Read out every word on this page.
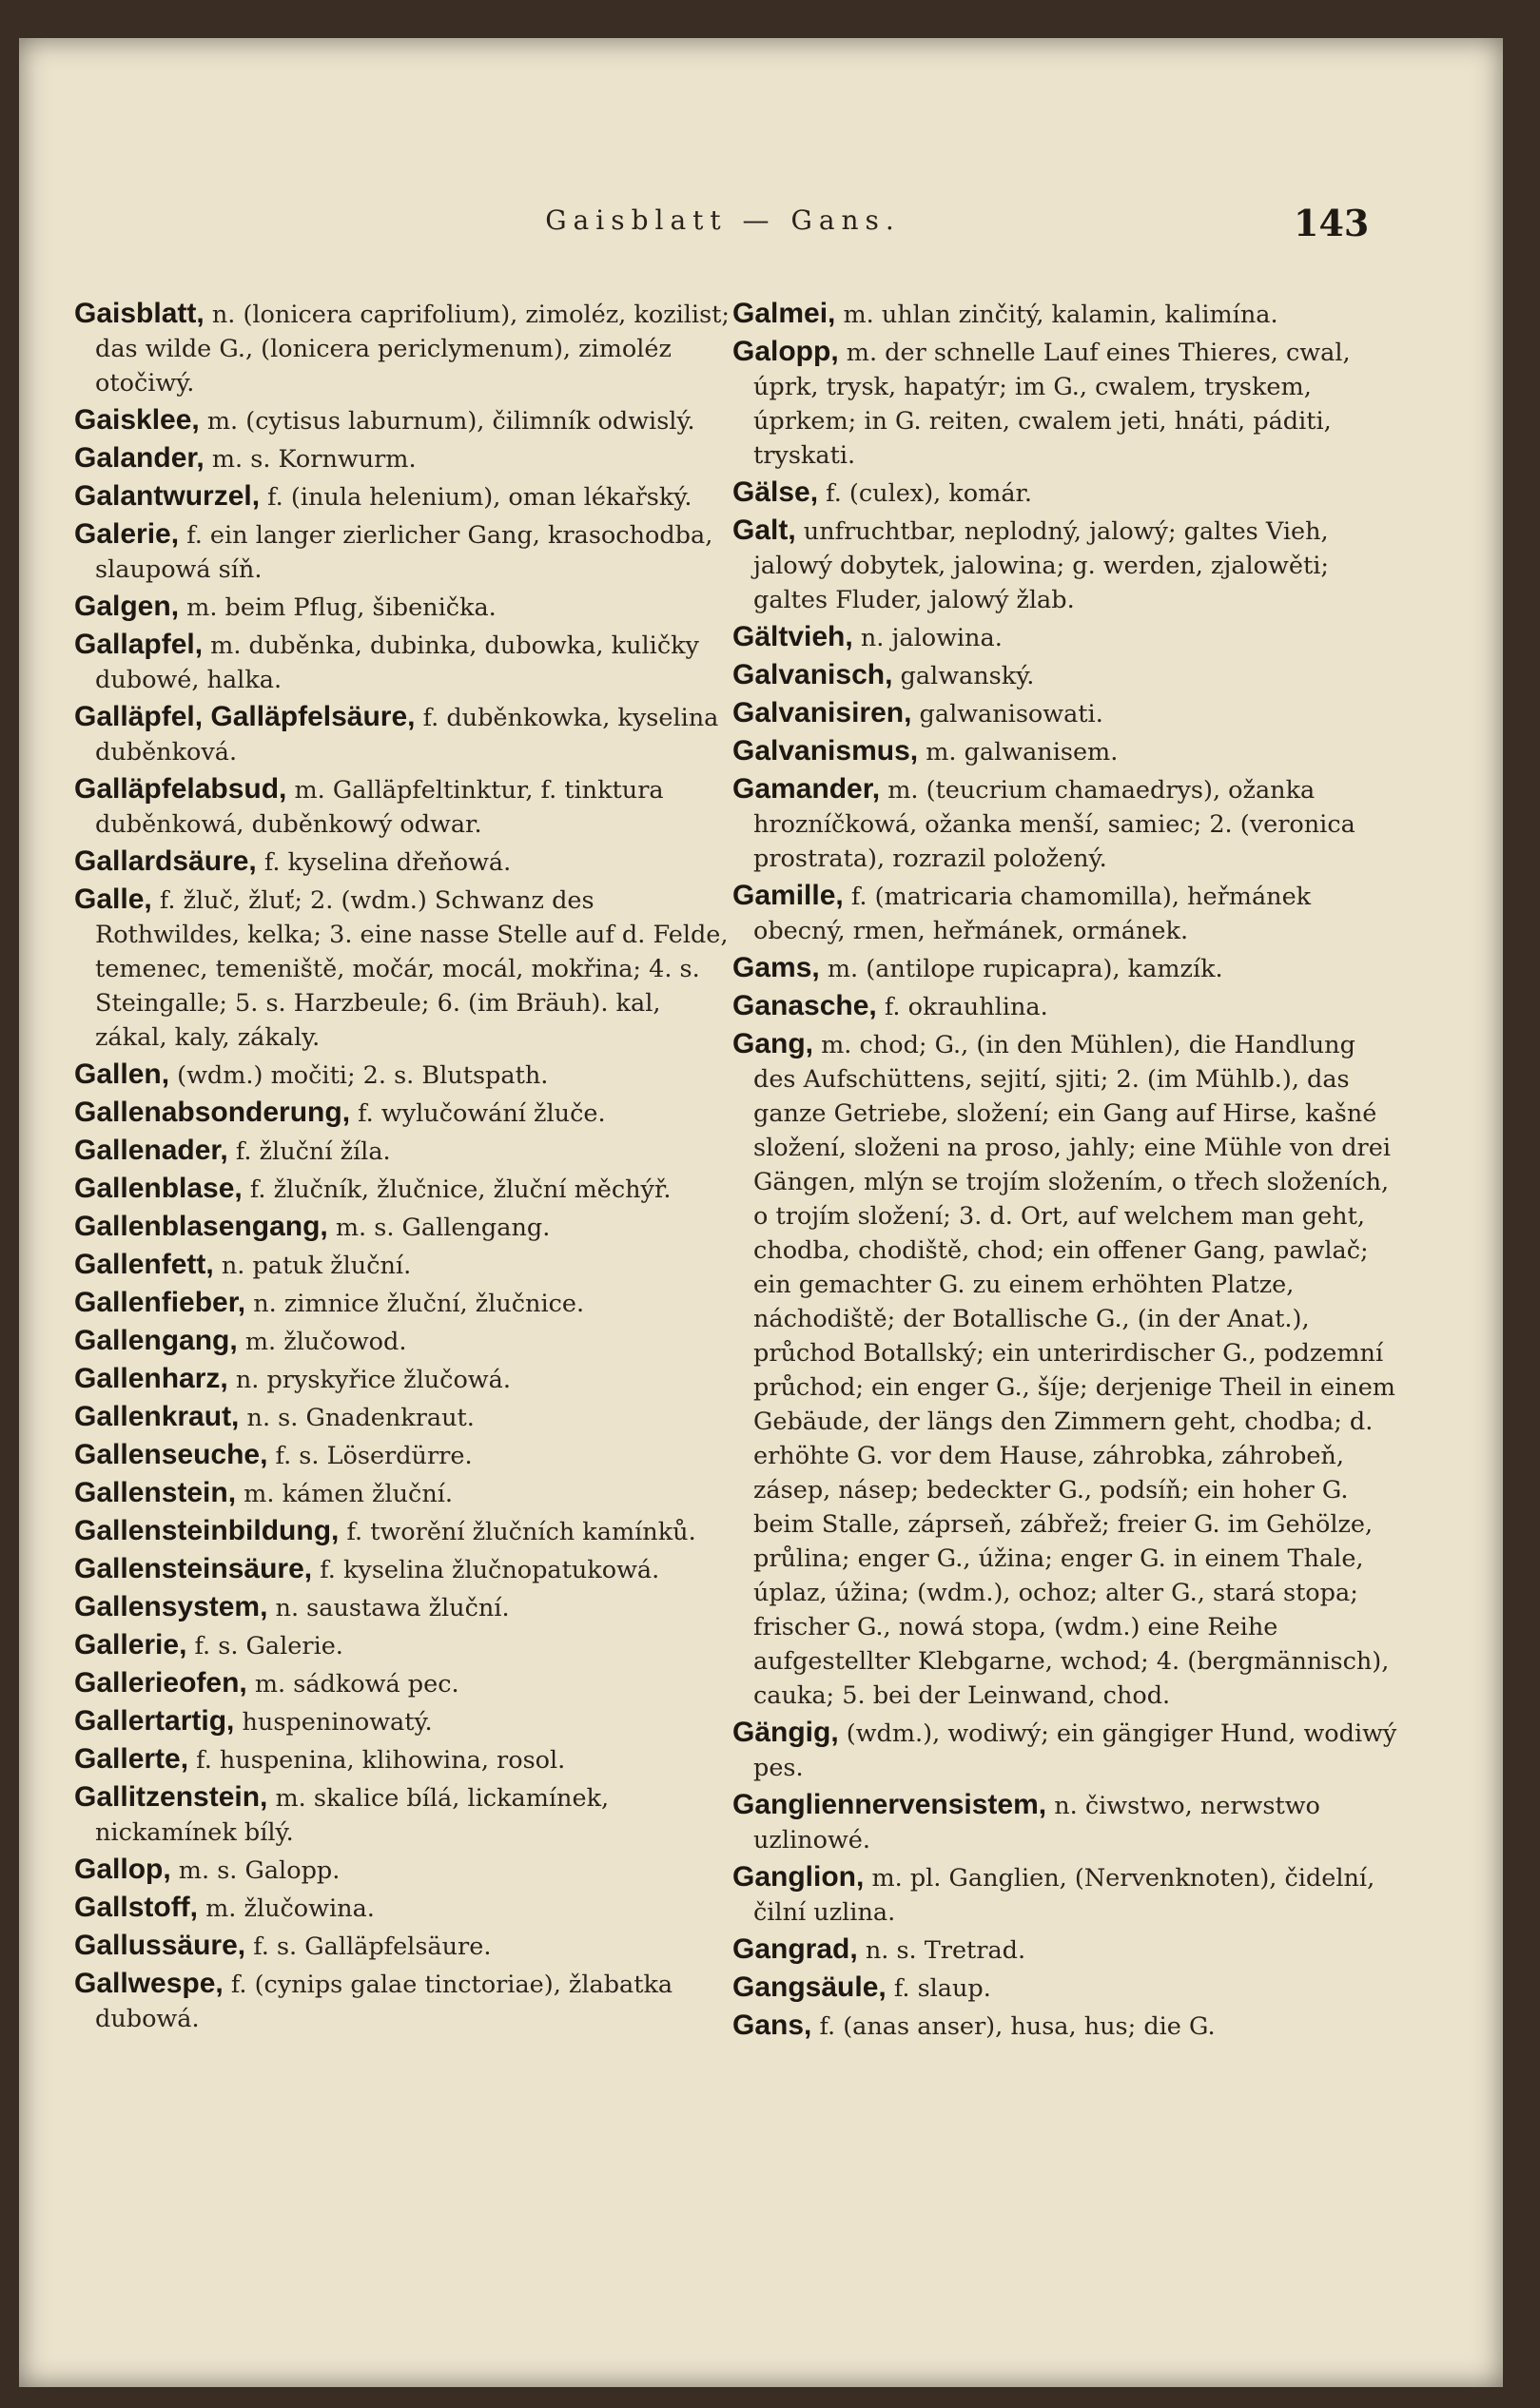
Gaisblatt — Gans.	143

Gaisblatt, n. (lonicera caprifolium), zimoléz, kozilist; das wilde G., (lonicera periclymenum), zimoléz otočiwý.

Gaisklee, m. (cytisus laburnum), čilimník odwislý.

Galander, m. s. Kornwurm.

Galantwurzel, f. (inula helenium), oman lékařský.

Galerie, f. ein langer zierlicher Gang, krasochodba, slaupowá síň.

Galgen, m. beim Pflug, šibenička.

Gallapfel, m. duběnka, dubinka, dubowka, kuličky dubowé, halka.

Galläpfel, Galläpfelsäure, f. duběnkowka, kyselina duběnková.

Galläpfelabsud, m. Galläpfeltinktur, f. tinktura duběnkowá, duběnkowý odwar.

Gallardsäure, f. kyselina dřeňowá.

Galle, f. žluč, žluť; 2. (wdm.) Schwanz des Rothwildes, kelka; 3. eine nasse Stelle auf d. Felde, temenec, temeniště, močár, mocál, mokřina; 4. s. Steingalle; 5. s. Harzbeule; 6. (im Bräuh). kal, zákal, kaly, zákaly.

Gallen, (wdm.) močiti; 2. s. Blutspath.

Gallenabsonderung, f. wylučowání žluče.

Gallenader, f. žluční žíla.

Gallenblase, f. žlučník, žlučnice, žluční měchýř.

Gallenblasengang, m. s. Gallengang.

Gallenfett, n. patuk žluční.

Gallenfieber, n. zimnice žluční, žlučnice.

Gallengang, m. žlučowod.

Gallenharz, n. pryskyřice žlučowá.

Gallenkraut, n. s. Gnadenkraut.

Gallenseuche, f. s. Löserdürre.

Gallenstein, m. kámen žluční.

Gallensteinbildung, f. tworění žlučních kamínků.

Gallensteinsäure, f. kyselina žlučnopatukowá.

Gallensystem, n. saustawa žluční.

Gallerie, f. s. Galerie.

Gallerieofen, m. sádkowá pec.

Gallertartig, huspeninowatý.

Gallerte, f. huspenina, klihowina, rosol.

Gallitzenstein, m. skalice bílá, lickamínek, nickamínek bílý.

Gallop, m. s. Galopp.

Gallstoff, m. žlučowina.

Gallussäure, f. s. Galläpfelsäure.

Gallwespe, f. (cynips galae tinctoriae), žlabatka dubowá.

Galmei, m. uhlan zinčitý, kalamin, kalimína.

Galopp, m. der schnelle Lauf eines Thieres, cwal, úprk, trysk, hapatýr; im G., cwalem, tryskem, úprkem; in G. reiten, cwalem jeti, hnáti, páditi, tryskati.

Gälse, f. (culex), komár.

Galt, unfruchtbar, neplodný, jalowý; galtes Vieh, jalowý dobytek, jalowina; g. werden, zjalowěti; galtes Fluder, jalowý žlab.

Gältvieh, n. jalowina.

Galvanisch, galwanský.

Galvanisiren, galwanisowati.

Galvanismus, m. galwanisem.

Gamander, m. (teucrium chamaedrys), ožanka hrozníčkowá, ožanka menší, samiec; 2. (veronica prostrata), rozrazil položený.

Gamille, f. (matricaria chamomilla), heřmánek obecný, rmen, heřmánek, ormánek.

Gams, m. (antilope rupicapra), kamzík.

Ganasche, f. okrauhlina.

Gang, m. chod; G., (in den Mühlen), die Handlung des Aufschüttens, sejití, sjiti; 2. (im Mühlb.), das ganze Getriebe, složení; ein Gang auf Hirse, kašné složení, složeni na proso, jahly; eine Mühle von drei Gängen, mlýn se trojím složením, o třech složeních, o trojím složení; 3. d. Ort, auf welchem man geht, chodba, chodiště, chod; ein offener Gang, pawlač; ein gemachter G. zu einem erhöhten Platze, náchodiště; der Botallische G., (in der Anat.), průchod Botallský; ein unterirdischer G., podzemní průchod; ein enger G., šíje; derjenige Theil in einem Gebäude, der längs den Zimmern geht, chodba; d. erhöhte G. vor dem Hause, záhrobka, záhrobeň, zásep, násep; bedeckter G., podsíň; ein hoher G. beim Stalle, záprseň, zábřež; freier G. im Gehölze, průlina; enger G., úžina; enger G. in einem Thale, úplaz, úžina; (wdm.), ochoz; alter G., stará stopa; frischer G., nowá stopa, (wdm.) eine Reihe aufgestellter Klebgarne, wchod; 4. (bergmännisch), cauka; 5. bei der Leinwand, chod.

Gängig, (wdm.), wodiwý; ein gängiger Hund, wodiwý pes.

Gangliennervensistem, n. čiwstwo, nerwstwo uzlinowé.

Ganglion, m. pl. Ganglien, (Nervenknoten), čidelní, čilní uzlina.

Gangrad, n. s. Tretrad.

Gangsäule, f. slaup.

Gans, f. (anas anser), husa, hus; die G.
